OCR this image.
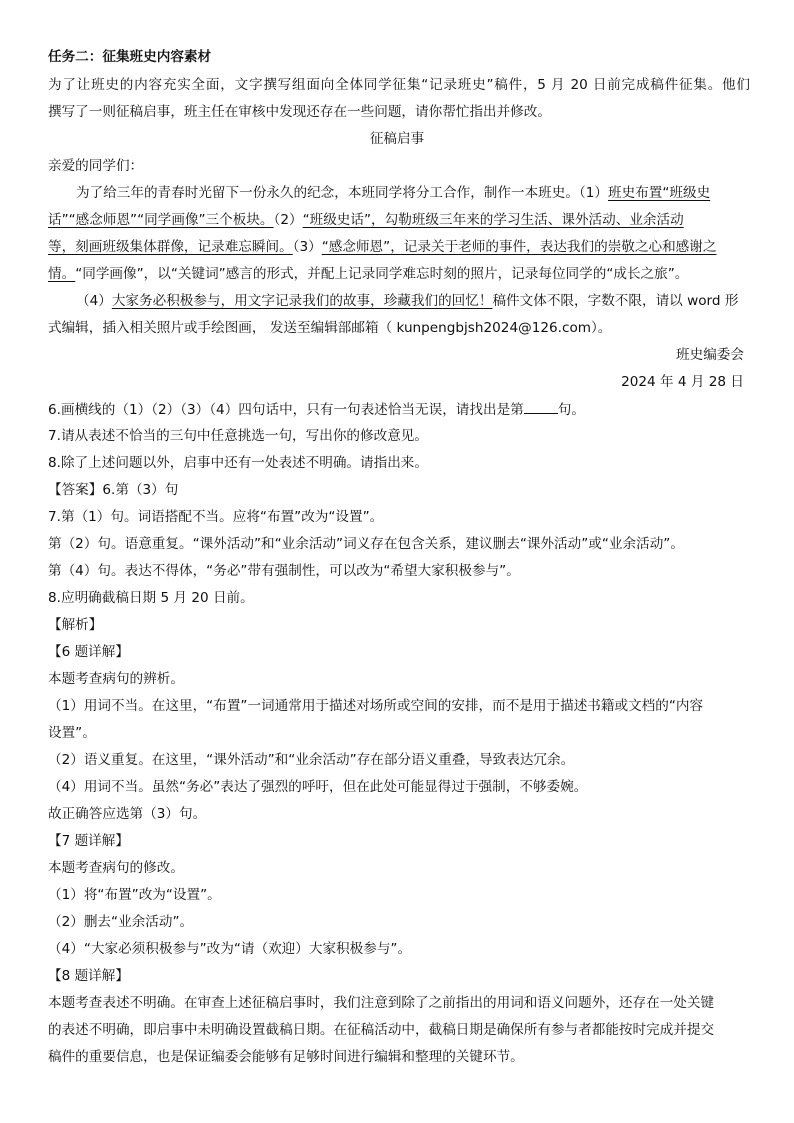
任务二：征集班史内容素材
为了让班史的内容充实全面，文字撰写组面向全体同学征集“记录班史”稿件，5 月 20 日前完成稿件征集。他们
撰写了一则征稿启事，班主任在审核中发现还存在一些问题，请你帮忙指出并修改。
征稿启事
亲爱的同学们：
为了给三年的青春时光留下一份永久的纪念，本班同学将分工合作，制作一本班史。（1）班史布置“班级史
话”“感念师恩”“同学画像”三个板块。（2）“班级史话”，勾勒班级三年来的学习生活、课外活动、业余活动
等，刻画班级集体群像，记录难忘瞬间。（3）“感念师恩”，记录关于老师的事件，表达我们的崇敬之心和感谢之
情。“同学画像”，以“关键词”感言的形式，并配上记录同学难忘时刻的照片，记录每位同学的“成长之旅”。
（4）大家务必积极参与，用文字记录我们的故事，珍藏我们的回忆！稿件文体不限，字数不限，请以 word 形
式编辑，插入相关照片或手绘图画， 发送至编辑部邮箱（ kunpengbjsh2024@126.com）。
班史编委会
2024 年 4 月 28 日
6.画横线的（1）（2）（3）（4）四句话中，只有一句表述恰当无误，请找出是第	句。
7.请从表述不恰当的三句中任意挑选一句，写出你的修改意见。
8.除了上述问题以外，启事中还有一处表述不明确。请指出来。
【答案】6.第（3）句
7.第（1）句。词语搭配不当。应将“布置”改为“设置”。
第（2）句。语意重复。“课外活动”和“业余活动”词义存在包含关系，建议删去“课外活动”或“业余活动”。
第（4）句。表达不得体，“务必”带有强制性，可以改为“希望大家积极参与”。
8.应明确截稿日期 5 月 20 日前。
【解析】
【6 题详解】
本题考查病句的辨析。
（1）用词不当。在这里，“布置”一词通常用于描述对场所或空间的安排，而不是用于描述书籍或文档的“内容
设置”。
（2）语义重复。在这里，“课外活动”和“业余活动”存在部分语义重叠，导致表达冗余。
（4）用词不当。虽然“务必”表达了强烈的呼吁，但在此处可能显得过于强制，不够委婉。
故正确答应选第（3）句。
【7 题详解】
本题考查病句的修改。
（1）将“布置”改为“设置”。
（2）删去“业余活动”。
（4）“大家必须积极参与”改为“请（欢迎）大家积极参与”。
【8 题详解】
本题考查表述不明确。在审查上述征稿启事时，我们注意到除了之前指出的用词和语义问题外，还存在一处关键
的表述不明确，即启事中未明确设置截稿日期。在征稿活动中，截稿日期是确保所有参与者都能按时完成并提交
稿件的重要信息，也是保证编委会能够有足够时间进行编辑和整理的关键环节。
